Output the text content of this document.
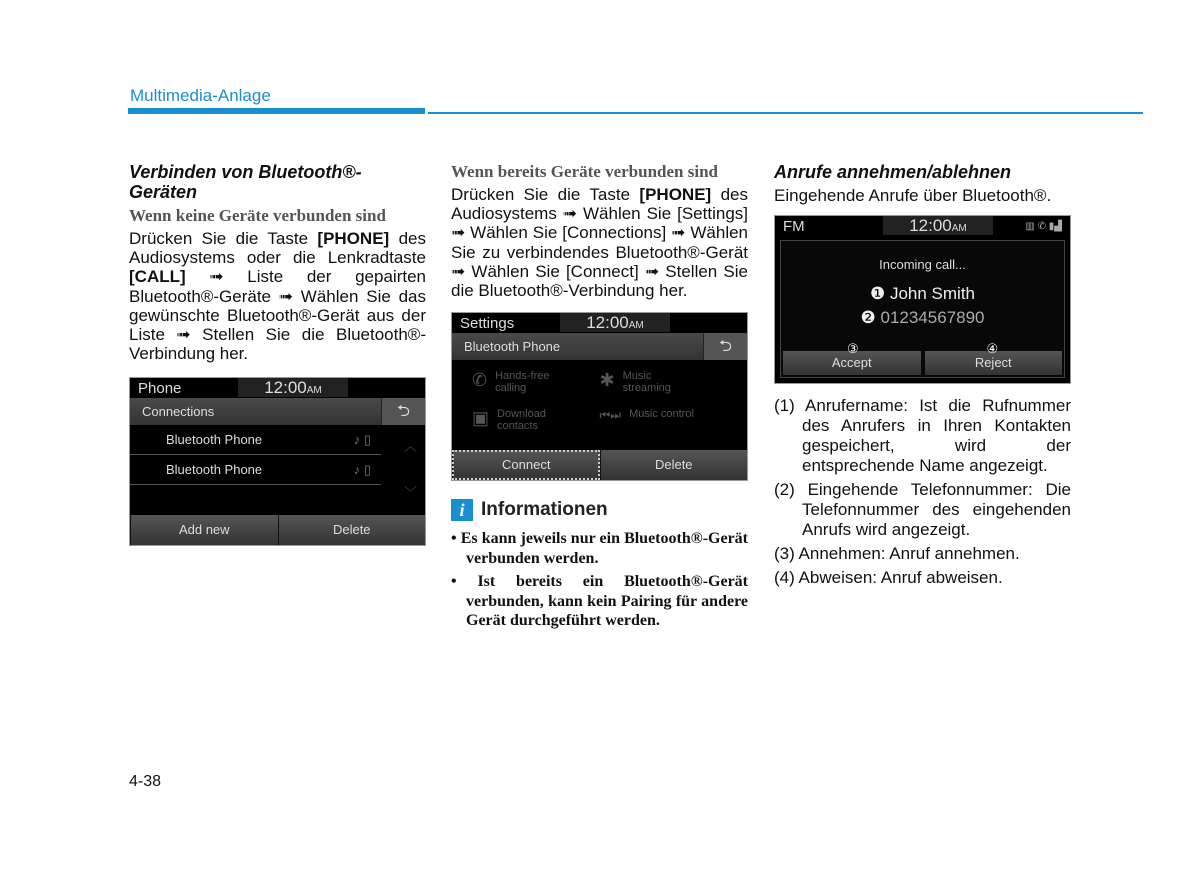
Multimedia-Anlage
Verbinden von Bluetooth®-Geräten
Wenn keine Geräte verbunden sind

Drücken Sie die Taste [PHONE] des Audiosystems oder die Lenkradtaste [CALL] ➟ Liste der gepairten Bluetooth®-Geräte ➟ Wählen Sie das gewünschte Bluetooth®-Gerät aus der Liste ➟ Stellen Sie die Bluetooth®-Verbindung her.

Phone	12:00AM
Connections	⮌
Bluetooth Phone	♪ ▯
Bluetooth Phone	♪ ▯
︿
﹀
Add new	Delete
Wenn bereits Geräte verbunden sind

Drücken Sie die Taste [PHONE] des Audiosystems ➟ Wählen Sie [Settings] ➟ Wählen Sie [Connections] ➟ Wählen Sie zu verbindendes Bluetooth®-Gerät ➟ Wählen Sie [Connect] ➟ Stellen Sie die Bluetooth®-Verbindung her.

Settings	12:00AM
Bluetooth Phone	⮌
✆ Hands-free calling	✱ Music streaming
▣ Download contacts
⏮⏭ Music control
Connect	Delete
i Informationen
• Es kann jeweils nur ein Bluetooth®-Gerät verbunden werden.
• Ist bereits ein Bluetooth®-Gerät verbunden, kann kein Pairing für andere Gerät durchgeführt werden.
Anrufe annehmen/ablehnen

Eingehende Anrufe über Bluetooth®.

FM	12:00AM	▥ ✆ ▮▟
Incoming call...
❶ John Smith
❷ 01234567890
③
Accept
④
Reject

(1) Anrufername: Ist die Rufnummer des Anrufers in Ihren Kontakten gespeichert, wird der entsprechende Name angezeigt.

(2) Eingehende Telefonnummer: Die Telefonnummer des eingehenden Anrufs wird angezeigt.

(3) Annehmen: Anruf annehmen.

(4) Abweisen: Anruf abweisen.

4-38
